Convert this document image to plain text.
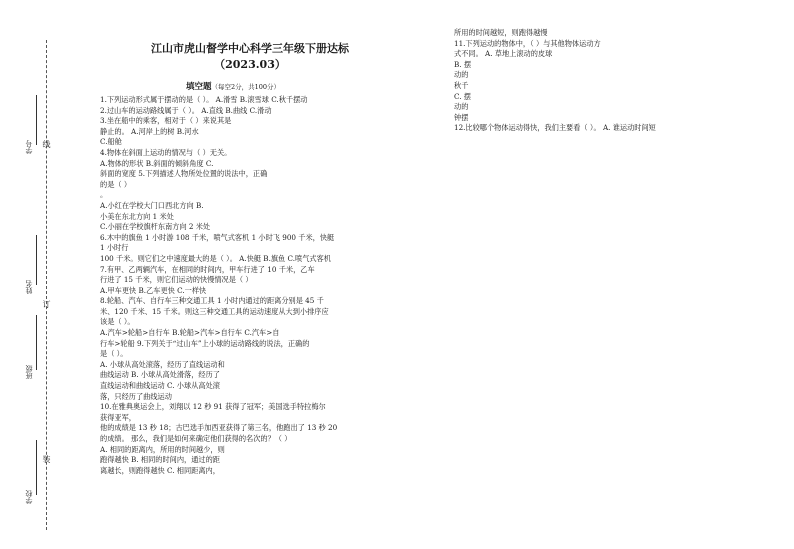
学号
姓名
班级
学校
线
订
装
江山市虎山督学中心科学三年级下册达标
（2023.03）
填空题（每空2分，共100分）

1.下列运动形式属于摆动的是（ ）。 A.滑雪 B.滚雪球 C.秋千摆动

2.过山车的运动路线属于（ ）。 A.直线 B.曲线 C.滑动

3.坐在船中的乘客，相对于（ ）来说其是

静止的。 A.河岸上的树 B.河水

C.船舱

4.物体在斜面上运动的情况与（ ）无关。

A.物体的形状 B.斜面的倾斜角度 C.

斜面的宽度 5.下列描述人物所处位置的说法中，正确

的是（ ）

。

A.小红在学校大门口西北方向 B.

小美在东北方向 1 米处

C.小丽在学校旗杆东南方向 2 米处

6.木中的旗鱼 1 小时游 108 千米，喷气式客机 1 小时飞 900 千米，快艇

1 小时行

100 千米。则它们之中速度最大的是（ ）。 A.快艇 B.旗鱼 C.喷气式客机

7.有甲、乙两辆汽车，在相同的时间内，甲车行进了 10 千米，乙车

行进了 15 千米，则它们运动的快慢情况是（ ）

A.甲车更快 B.乙车更快 C.一样快

8.轮船、汽车、自行车三种交通工具 1 小时内通过的距离分别是 45 千

米、120 千米、15 千米。则这三种交通工具的运动速度从大到小排序应

该是（ ）。

A.汽车>轮船>自行车 B.轮船>汽车>自行车 C.汽车>自

行车>轮船 9.下列关于“过山车”上小球的运动路线的说法，正确的

是（ ）。

A. 小球从高处滚落，经历了直线运动和

曲线运动 B. 小球从高处滑落，经历了

直线运动和曲线运动 C. 小球从高处滚

落，只经历了曲线运动

10.在雅典奥运会上，刘翔以 12 秒 91 获得了冠军；美国选手特拉梅尔

获得亚军，

他的成绩是 13 秒 18；古巴选手加西亚获得了第三名，他跑出了 13 秒 20

的成绩。 那么，我们是如何来确定他们获得的名次的？（ ）

A. 相同的距离内，所用的时间越少，则

跑得越快 B. 相同的时间内，通过的距

离越长，则跑得越快 C. 相同距离内，

所用的时间越短，则跑得越慢

11.下列运动的物体中，（ ）与其他物体运动方

式不同。 A. 草地上滚动的皮球

B. 摆

动的

秋千

C. 摆

动的

钟摆

12.比较哪个物体运动得快，我们主要看（ ）。 A. 谁运动时间短
